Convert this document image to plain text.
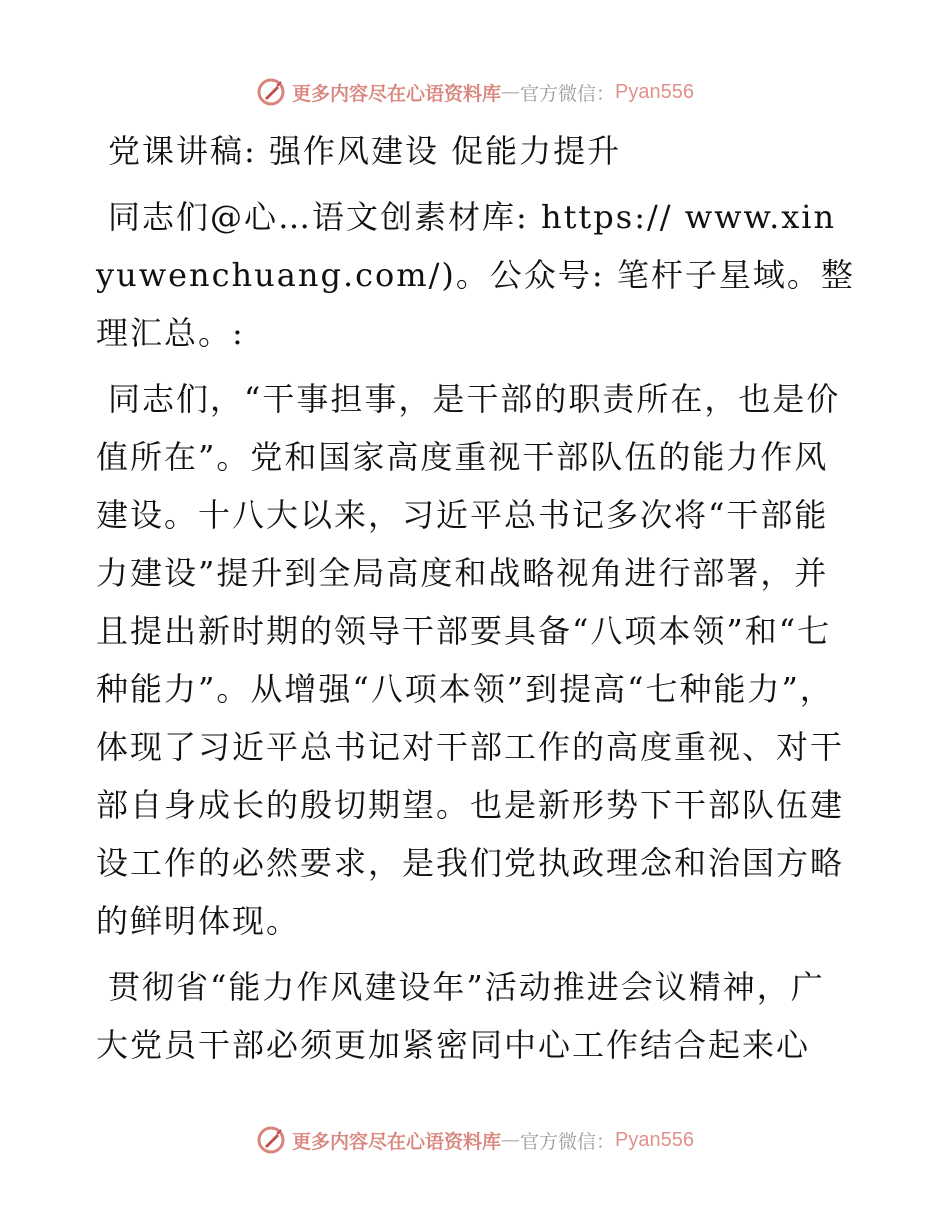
更多内容尽在心语资料库 — 官方微信： Pyan556

党课讲稿: 强作风建设 促能力提升

同志们@心…语文创素材库: https:// www.xinyuwenchuang.com/)。公众号: 笔杆子星域。整理汇总。:

同志们，“干事担事，是干部的职责所在，也是价值所在”。党和国家高度重视干部队伍的能力作风建设。十八大以来，习近平总书记多次将“干部能力建设”提升到全局高度和战略视角进行部署，并且提出新时期的领导干部要具备“八项本领”和“七种能力”。从增强“八项本领”到提高“七种能力”，体现了习近平总书记对干部工作的高度重视、对干部自身成长的殷切期望。也是新形势下干部队伍建设工作的必然要求，是我们党执政理念和治国方略的鲜明体现。

贯彻省“能力作风建设年”活动推进会议精神，广大党员干部必须更加紧密同中心工作结合起来心

更多内容尽在心语资料库 — 官方微信： Pyan556
